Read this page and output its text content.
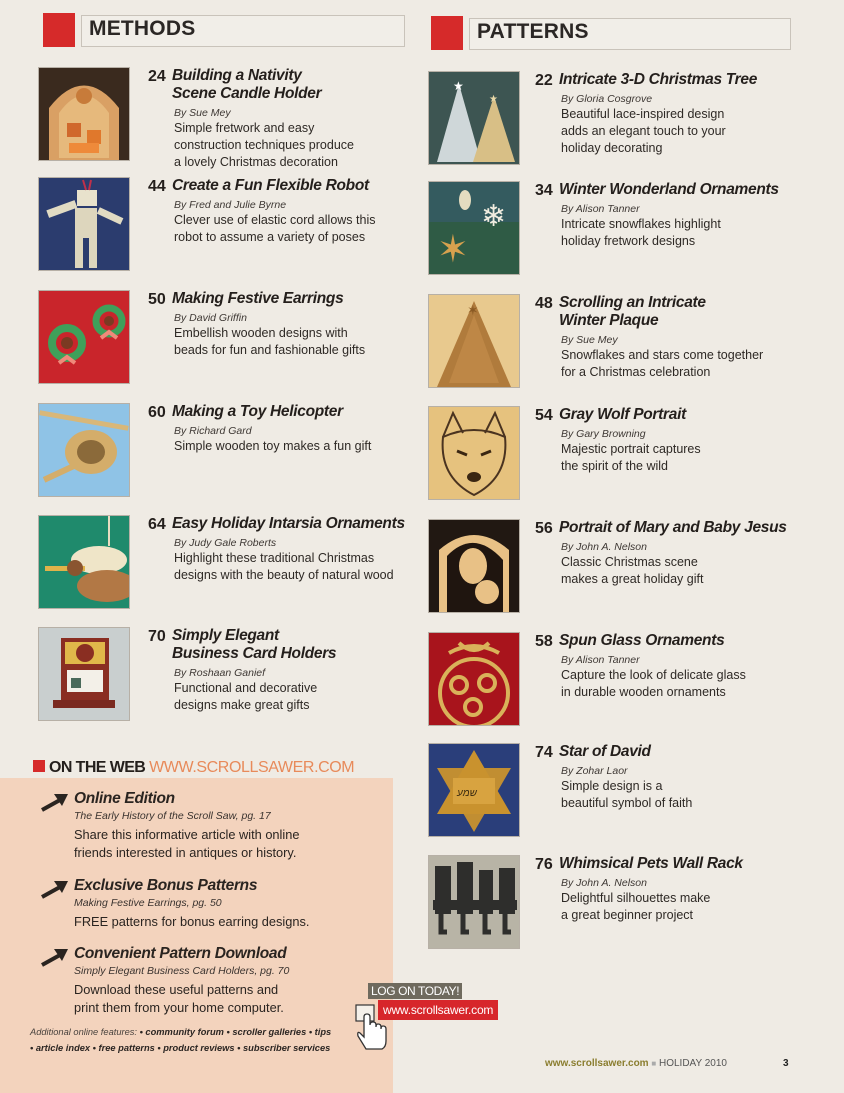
METHODS	PATTERNS
24 Building a Nativity
Scene Candle Holder
By Sue Mey
Simple fretwork and easy
construction techniques produce
a lovely Christmas decoration
44 Create a Fun Flexible Robot
By Fred and Julie Byrne
Clever use of elastic cord allows this
robot to assume a variety of poses
50 Making Festive Earrings
By David Griffin
Embellish wooden designs with
beads for fun and fashionable gifts
60 Making a Toy Helicopter
By Richard Gard
Simple wooden toy makes a fun gift
64 Easy Holiday Intarsia Ornaments
By Judy Gale Roberts
Highlight these traditional Christmas
designs with the beauty of natural wood
70 Simply Elegant
Business Card Holders
By Roshaan Ganief
Functional and decorative
designs make great gifts
★
★
22 Intricate 3-D Christmas Tree
By Gloria Cosgrove
Beautiful lace-inspired design
adds an elegant touch to your
holiday decorating
✶
❄
34 Winter Wonderland Ornaments
By Alison Tanner
Intricate snowflakes highlight
holiday fretwork designs
✶	48 Scrolling an Intricate
Winter Plaque
By Sue Mey
Snowflakes and stars come together
for a Christmas celebration
54 Gray Wolf Portrait
By Gary Browning
Majestic portrait captures
the spirit of the wild
56 Portrait of Mary and Baby Jesus
By John A. Nelson
Classic Christmas scene
makes a great holiday gift
58 Spun Glass Ornaments
By Alison Tanner
Capture the look of delicate glass
in durable wooden ornaments
שמע
74 Star of David
By Zohar Laor
Simple design is a
beautiful symbol of faith
76 Whimsical Pets Wall Rack
By John A. Nelson
Delightful silhouettes make
a great beginner project
ON THE WEB WWW.SCROLLSAWER.COM
Online Edition
The Early History of the Scroll Saw, pg. 17
Share this informative article with online
friends interested in antiques or history.
Exclusive Bonus Patterns
Making Festive Earrings, pg. 50
FREE patterns for bonus earring designs.
Convenient Pattern Download
Simply Elegant Business Card Holders, pg. 70
Download these useful patterns and
print them from your home computer.
Additional online features: • community forum • scroller galleries • tips
• article index • free patterns • product reviews • subscriber services
LOG ON TODAY!
www.scrollsawer.com
www.scrollsawer.com ■ HOLIDAY 2010	3
